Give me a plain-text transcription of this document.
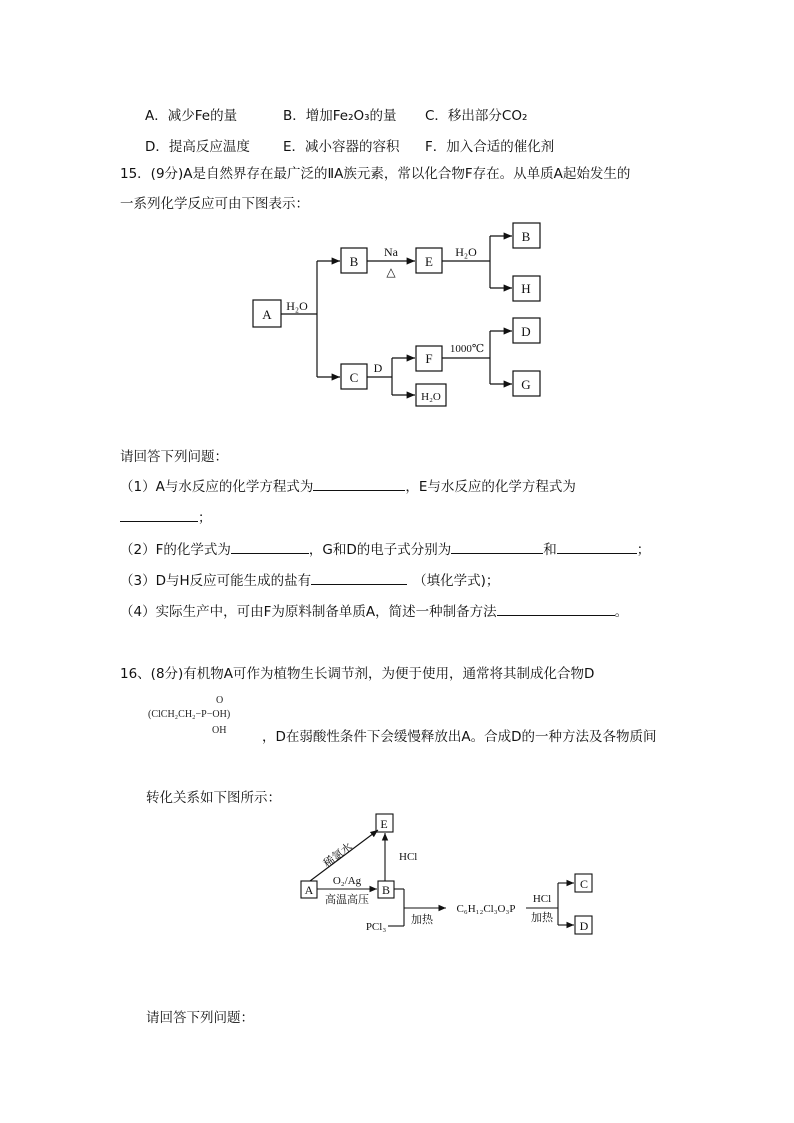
A．减少Fe的量	B．增加Fe₂O₃的量 C．移出部分CO₂
D．提高反应温度 E．减小容器的容积 F．加入合适的催化剂
15．(9分)A是自然界存在最广泛的ⅡA族元素，常以化合物F存在。从单质A起始发生的
一系列化学反应可由下图表示：
A
B
C
E
F
H₂O
B
H
D
G
H₂O
Na
△
H₂O
D
1000℃
请回答下列问题：
（1）A与水反应的化学方程式为	，E与水反应的化学方程式为
；
（2）F的化学式为	，G和D的电子式分别为	和	；
（3）D与H反应可能生成的盐有	（填化学式)；
（4）实际生产中，可由F为原料制备单质A，简述一种制备方法	。
16、(8分)有机物A可作为植物生长调节剂，为便于使用，通常将其制成化合物D
O
(ClCH₂CH₂−P−OH)
OH	，D在弱酸性条件下会缓慢释放出A。合成D的一种方法及各物质间
转化关系如下图所示：
A	B
E
C
D
稀氯水	HCl
O₂/Ag
高温高压
PCl₃
加热
C₆H₁₂Cl₃O₃P
HCl
加热
请回答下列问题：
